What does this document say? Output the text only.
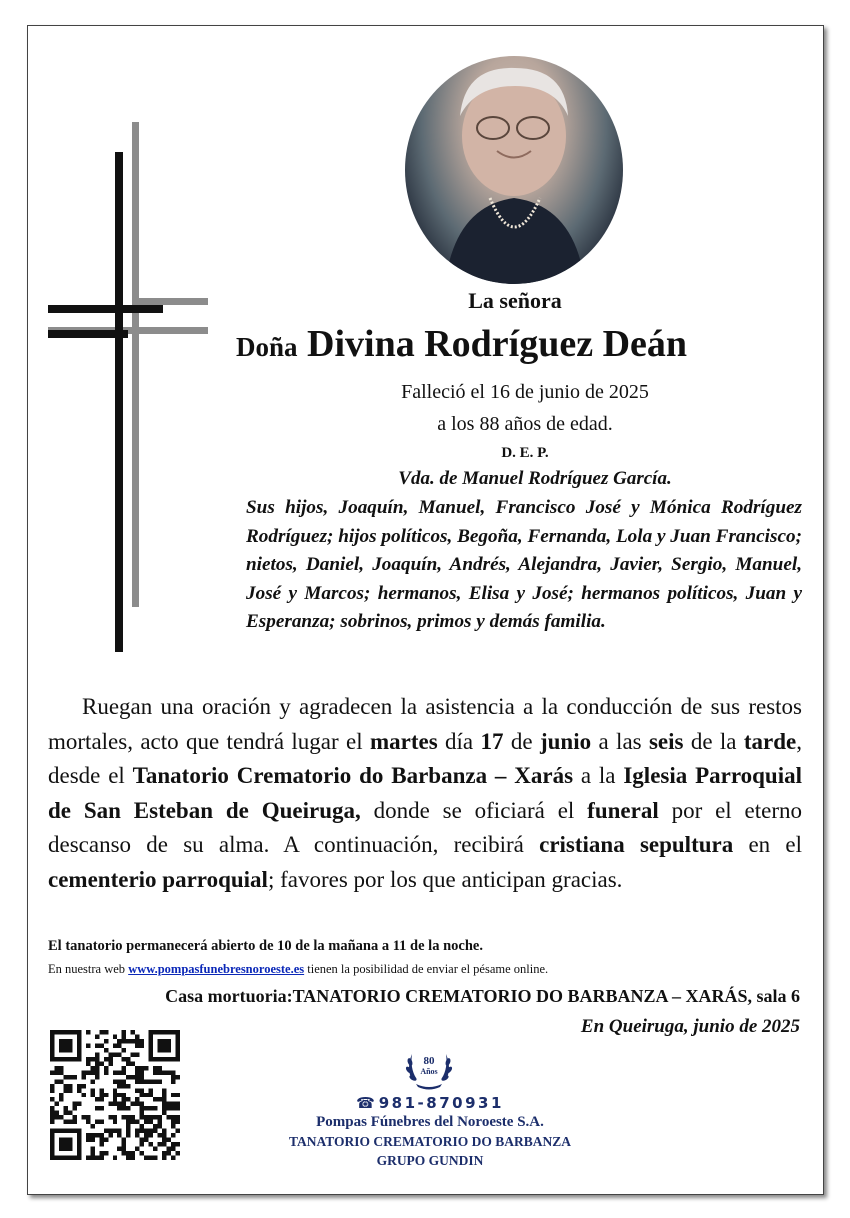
La señora
Doña Divina Rodríguez Deán
Falleció el 16 de junio de 2025
a los 88 años de edad.
D. E. P.
Vda. de Manuel Rodríguez García.
Sus hijos, Joaquín, Manuel, Francisco José y Mónica Rodríguez Rodríguez; hijos políticos, Begoña, Fernanda, Lola y Juan Francisco; nietos, Daniel, Joaquín, Andrés, Alejandra, Javier, Sergio, Manuel, José y Marcos; hermanos, Elisa y José; hermanos políticos, Juan y Esperanza; sobrinos, primos y demás familia.
Ruegan una oración y agradecen la asistencia a la conducción de sus restos mortales, acto que tendrá lugar el martes día 17 de junio a las seis de la tarde, desde el Tanatorio Crematorio do Barbanza – Xarás a la Iglesia Parroquial de San Esteban de Queiruga, donde se oficiará el funeral por el eterno descanso de su alma. A continuación, recibirá cristiana sepultura en el cementerio parroquial; favores por los que anticipan gracias.
El tanatorio permanecerá abierto de 10 de la mañana a 11 de la noche.
En nuestra web www.pompasfunebresnoroeste.es tienen la posibilidad de enviar el pésame online.
Casa mortuoria:TANATORIO CREMATORIO DO BARBANZA – XARÁS, sala 6
En Queiruga, junio de 2025
80
Años
☎ 981-870931
Pompas Fúnebres del Noroeste S.A.
TANATORIO CREMATORIO DO BARBANZA
GRUPO GUNDIN
